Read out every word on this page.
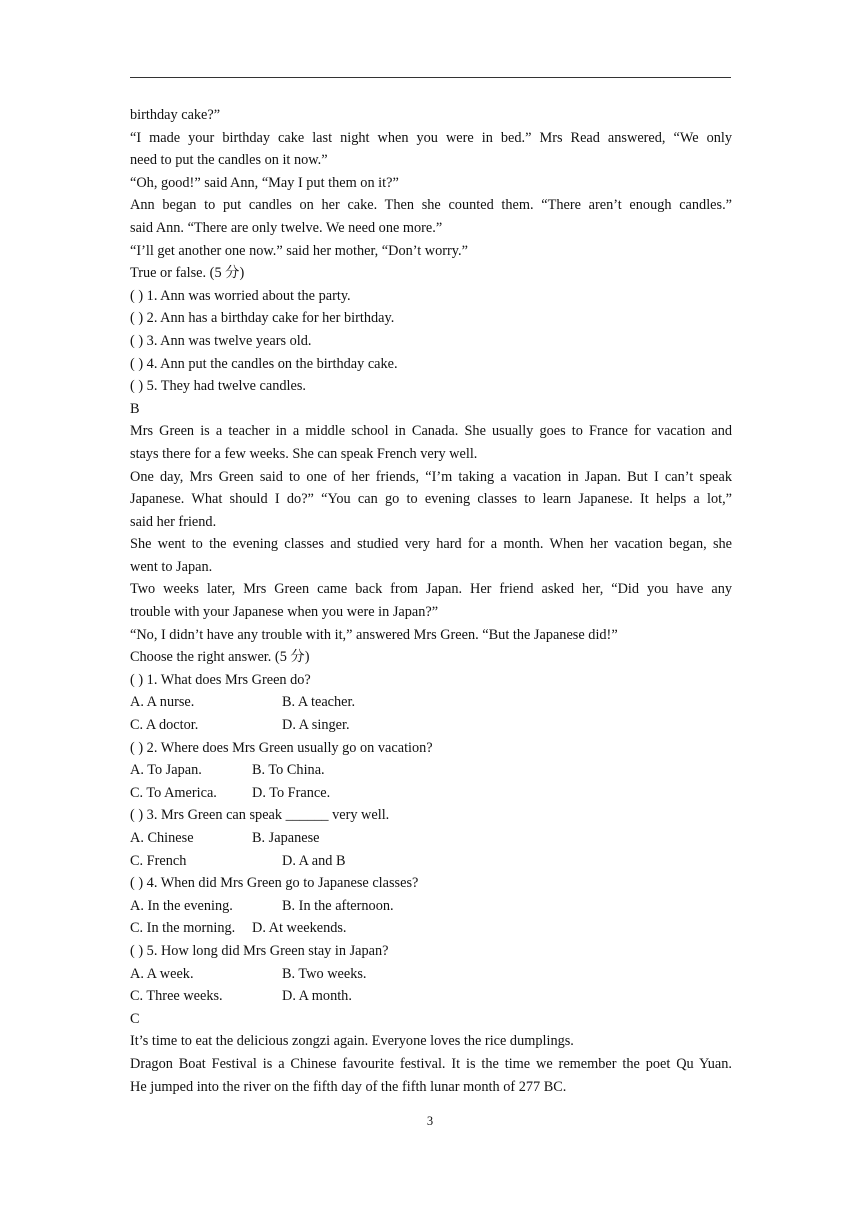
birthday cake?”
“I made your birthday cake last night when you were in bed.” Mrs Read answered, “We only
need to put the candles on it now.”
“Oh, good!” said Ann, “May I put them on it?”
Ann began to put candles on her cake. Then she counted them. “There aren’t enough candles.”
said Ann. “There are only twelve. We need one more.”
“I’ll get another one now.” said her mother, “Don’t worry.”
True or false. (5 分)
( ) 1. Ann was worried about the party.
( ) 2. Ann has a birthday cake for her birthday.
( ) 3. Ann was twelve years old.
( ) 4. Ann put the candles on the birthday cake.
( ) 5. They had twelve candles.
B
Mrs Green is a teacher in a middle school in Canada. She usually goes to France for vacation and
stays there for a few weeks. She can speak French very well.
One day, Mrs Green said to one of her friends, “I’m taking a vacation in Japan. But I can’t speak
Japanese. What should I do?” “You can go to evening classes to learn Japanese. It helps a lot,”
said her friend.
She went to the evening classes and studied very hard for a month. When her vacation began, she
went to Japan.
Two weeks later, Mrs Green came back from Japan. Her friend asked her, “Did you have any
trouble with your Japanese when you were in Japan?”
“No, I didn’t have any trouble with it,” answered Mrs Green. “But the Japanese did!”
Choose the right answer. (5 分)
( ) 1. What does Mrs Green do?
A. A nurse.	B. A teacher.
C. A doctor.	D. A singer.
( ) 2. Where does Mrs Green usually go on vacation?
A. To Japan.	B. To China.
C. To America.	D. To France.
( ) 3. Mrs Green can speak ______ very well.
A. Chinese	B. Japanese
C. French	D. A and B
( ) 4. When did Mrs Green go to Japanese classes?
A. In the evening.	B. In the afternoon.
C. In the morning.	D. At weekends.
( ) 5. How long did Mrs Green stay in Japan?
A. A week.	B. Two weeks.
C. Three weeks.	D. A month.
C
It’s time to eat the delicious zongzi again. Everyone loves the rice dumplings.
Dragon Boat Festival is a Chinese favourite festival. It is the time we remember the poet Qu Yuan.
He jumped into the river on the fifth day of the fifth lunar month of 277 BC.
3
